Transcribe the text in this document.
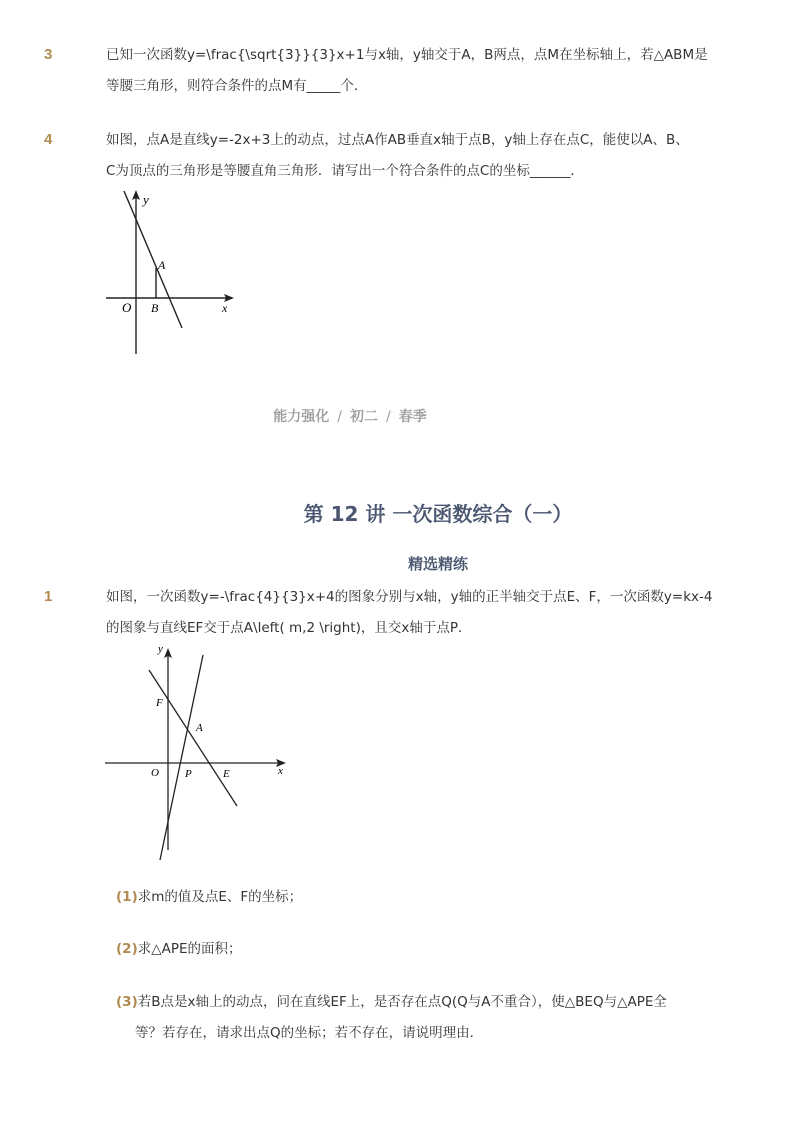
3	已知一次函数y=\frac{\sqrt{3}}{3}x+1与x轴，y轴交于A，B两点，点M在坐标轴上，若△ABM是
等腰三角形，则符合条件的点M有_____个．
4	如图，点A是直线y=-2x+3上的动点，过点A作AB垂直x轴于点B，y轴上存在点C，能使以A、B、
C为顶点的三角形是等腰直角三角形．请写出一个符合条件的点C的坐标______．
y
A
O B	x
能力强化 / 初二 / 春季
第 12 讲 一次函数综合（一）
精选精练
1	如图，一次函数y=-\frac{4}{3}x+4的图象分别与x轴，y轴的正半轴交于点E、F，一次函数y=kx-4
的图象与直线EF交于点A\left( m,2 \right)，且交x轴于点P．
y
F
A
O P	E	x
(1)求m的值及点E、F的坐标；
(2)求△APE的面积；
(3)若B点是x轴上的动点，问在直线EF上，是否存在点Q(Q与A不重合），使△BEQ与△APE全
等？若存在，请求出点Q的坐标；若不存在，请说明理由．
